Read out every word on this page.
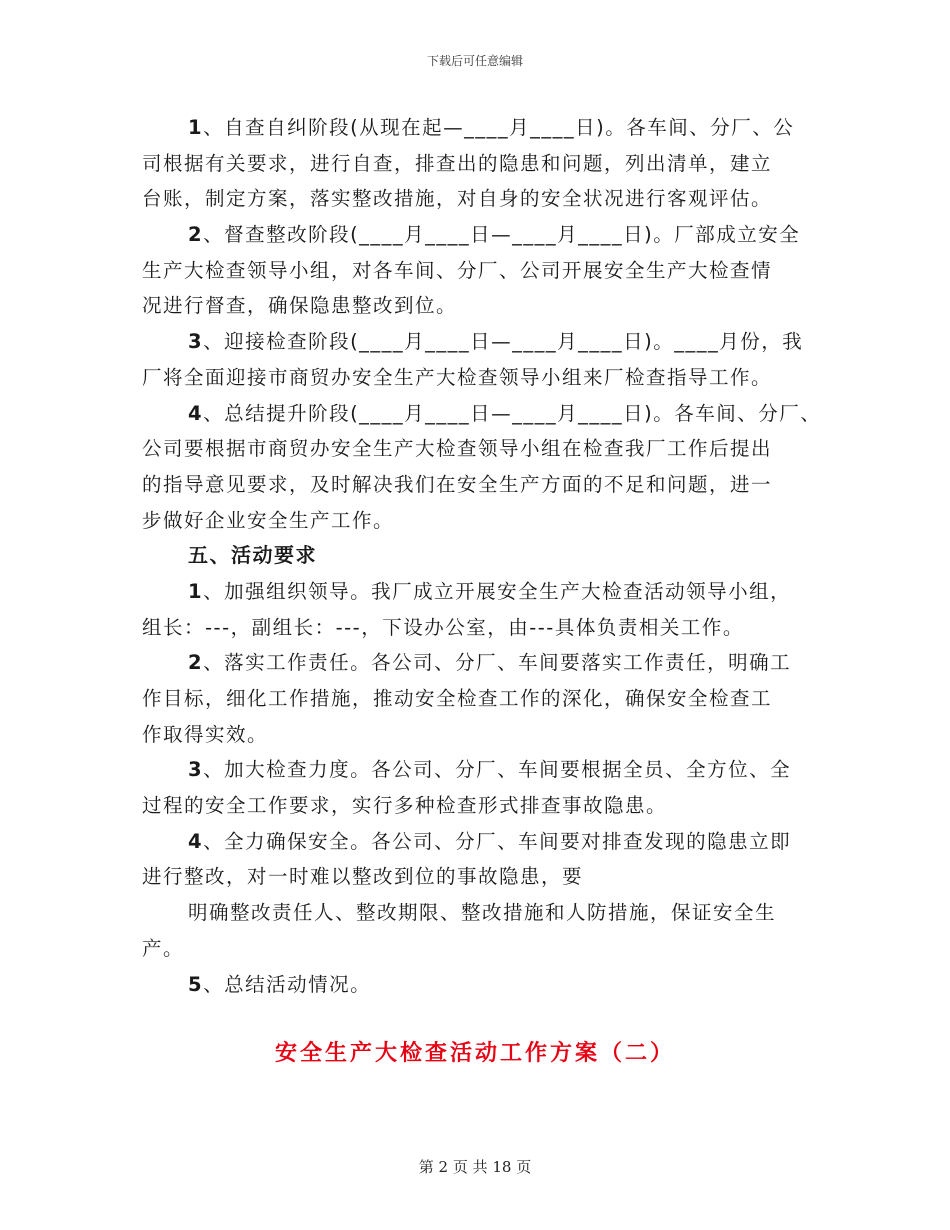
下载后可任意编辑
1、自查自纠阶段(从现在起—____月____日)。各车间、分厂、公
司根据有关要求，进行自查，排查出的隐患和问题，列出清单，建立
台账，制定方案，落实整改措施，对自身的安全状况进行客观评估。
2、督查整改阶段(____月____日—____月____日)。厂部成立安全
生产大检查领导小组，对各车间、分厂、公司开展安全生产大检查情
况进行督查，确保隐患整改到位。
3、迎接检查阶段(____月____日—____月____日)。____月份，我
厂将全面迎接市商贸办安全生产大检查领导小组来厂检查指导工作。
4、总结提升阶段(____月____日—____月____日)。各车间、分厂、
公司要根据市商贸办安全生产大检查领导小组在检查我厂工作后提出
的指导意见要求，及时解决我们在安全生产方面的不足和问题，进一
步做好企业安全生产工作。
五、活动要求
1、加强组织领导。我厂成立开展安全生产大检查活动领导小组，
组长：---，副组长：---，下设办公室，由---具体负责相关工作。
2、落实工作责任。各公司、分厂、车间要落实工作责任，明确工
作目标，细化工作措施，推动安全检查工作的深化，确保安全检查工
作取得实效。
3、加大检查力度。各公司、分厂、车间要根据全员、全方位、全
过程的安全工作要求，实行多种检查形式排查事故隐患。
4、全力确保安全。各公司、分厂、车间要对排查发现的隐患立即
进行整改，对一时难以整改到位的事故隐患，要
明确整改责任人、整改期限、整改措施和人防措施，保证安全生
产。
5、总结活动情况。
安全生产大检查活动工作方案（二）
第 2 页 共 18 页
